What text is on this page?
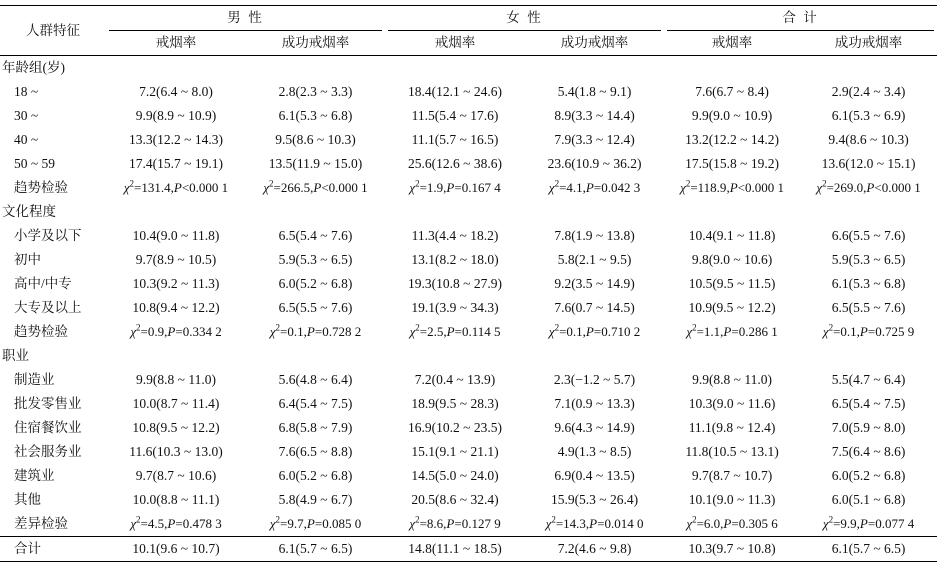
人群特征	男 性		女 性		合 计	

	戒烟率	成功戒烟率	戒烟率	成功戒烟率	戒烟率	成功戒烟率
年龄组(岁)						
18 ~	7.2(6.4 ~ 8.0)	2.8(2.3 ~ 3.3)	18.4(12.1 ~ 24.6)	5.4(1.8 ~ 9.1)	7.6(6.7 ~ 8.4)	2.9(2.4 ~ 3.4)
30 ~	9.9(8.9 ~ 10.9)	6.1(5.3 ~ 6.8)	11.5(5.4 ~ 17.6)	8.9(3.3 ~ 14.4)	9.9(9.0 ~ 10.9)	6.1(5.3 ~ 6.9)
40 ~	13.3(12.2 ~ 14.3)	9.5(8.6 ~ 10.3)	11.1(5.7 ~ 16.5)	7.9(3.3 ~ 12.4)	13.2(12.2 ~ 14.2)	9.4(8.6 ~ 10.3)
50 ~ 59	17.4(15.7 ~ 19.1)	13.5(11.9 ~ 15.0)	25.6(12.6 ~ 38.6)	23.6(10.9 ~ 36.2)	17.5(15.8 ~ 19.2)	13.6(12.0 ~ 15.1)
趋势检验	$\chi^2=131.4,P<0.000$ 1	$\chi^2=266.5,P<0.000$ 1	$\chi^2=1.9,P=0.167$ 4	$\chi^2=4.1,P=0.042$ 3	$\chi^2=118.9,P<0.000$ 1	$\chi^2=269.0,P<0.000$ 1
文化程度						
小学及以下	10.4(9.0 ~ 11.8)	6.5(5.4 ~ 7.6)	11.3(4.4 ~ 18.2)	7.8(1.9 ~ 13.8)	10.4(9.1 ~ 11.8)	6.6(5.5 ~ 7.6)
初中	9.7(8.9 ~ 10.5)	5.9(5.3 ~ 6.5)	13.1(8.2 ~ 18.0)	5.8(2.1 ~ 9.5)	9.8(9.0 ~ 10.6)	5.9(5.3 ~ 6.5)
高中/中专	10.3(9.2 ~ 11.3)	6.0(5.2 ~ 6.8)	19.3(10.8 ~ 27.9)	9.2(3.5 ~ 14.9)	10.5(9.5 ~ 11.5)	6.1(5.3 ~ 6.8)
大专及以上	10.8(9.4 ~ 12.2)	6.5(5.5 ~ 7.6)	19.1(3.9 ~ 34.3)	7.6(0.7 ~ 14.5)	10.9(9.5 ~ 12.2)	6.5(5.5 ~ 7.6)
趋势检验	$\chi^2=0.9,P=0.334$ 2	$\chi^2=0.1,P=0.728$ 2	$\chi^2=2.5,P=0.114$ 5	$\chi^2=0.1,P=0.710$ 2	$\chi^2=1.1,P=0.286$ 1	$\chi^2=0.1,P=0.725$ 9
职业						
制造业	9.9(8.8 ~ 11.0)	5.6(4.8 ~ 6.4)	7.2(0.4 ~ 13.9)	2.3(−1.2 ~ 5.7)	9.9(8.8 ~ 11.0)	5.5(4.7 ~ 6.4)
批发零售业	10.0(8.7 ~ 11.4)	6.4(5.4 ~ 7.5)	18.9(9.5 ~ 28.3)	7.1(0.9 ~ 13.3)	10.3(9.0 ~ 11.6)	6.5(5.4 ~ 7.5)
住宿餐饮业	10.8(9.5 ~ 12.2)	6.8(5.8 ~ 7.9)	16.9(10.2 ~ 23.5)	9.6(4.3 ~ 14.9)	11.1(9.8 ~ 12.4)	7.0(5.9 ~ 8.0)
社会服务业	11.6(10.3 ~ 13.0)	7.6(6.5 ~ 8.8)	15.1(9.1 ~ 21.1)	4.9(1.3 ~ 8.5)	11.8(10.5 ~ 13.1)	7.5(6.4 ~ 8.6)
建筑业	9.7(8.7 ~ 10.6)	6.0(5.2 ~ 6.8)	14.5(5.0 ~ 24.0)	6.9(0.4 ~ 13.5)	9.7(8.7 ~ 10.7)	6.0(5.2 ~ 6.8)
其他	10.0(8.8 ~ 11.1)	5.8(4.9 ~ 6.7)	20.5(8.6 ~ 32.4)	15.9(5.3 ~ 26.4)	10.1(9.0 ~ 11.3)	6.0(5.1 ~ 6.8)
差异检验	$\chi^2=4.5,P=0.478$ 3	$\chi^2=9.7,P=0.085$ 0	$\chi^2=8.6,P=0.127$ 9	$\chi^2=14.3,P=0.014$ 0	$\chi^2=6.0,P=0.305$ 6	$\chi^2=9.9,P=0.077$ 4
合计	10.1(9.6 ~ 10.7)	6.1(5.7 ~ 6.5)	14.8(11.1 ~ 18.5)	7.2(4.6 ~ 9.8)	10.3(9.7 ~ 10.8)	6.1(5.7 ~ 6.5)
